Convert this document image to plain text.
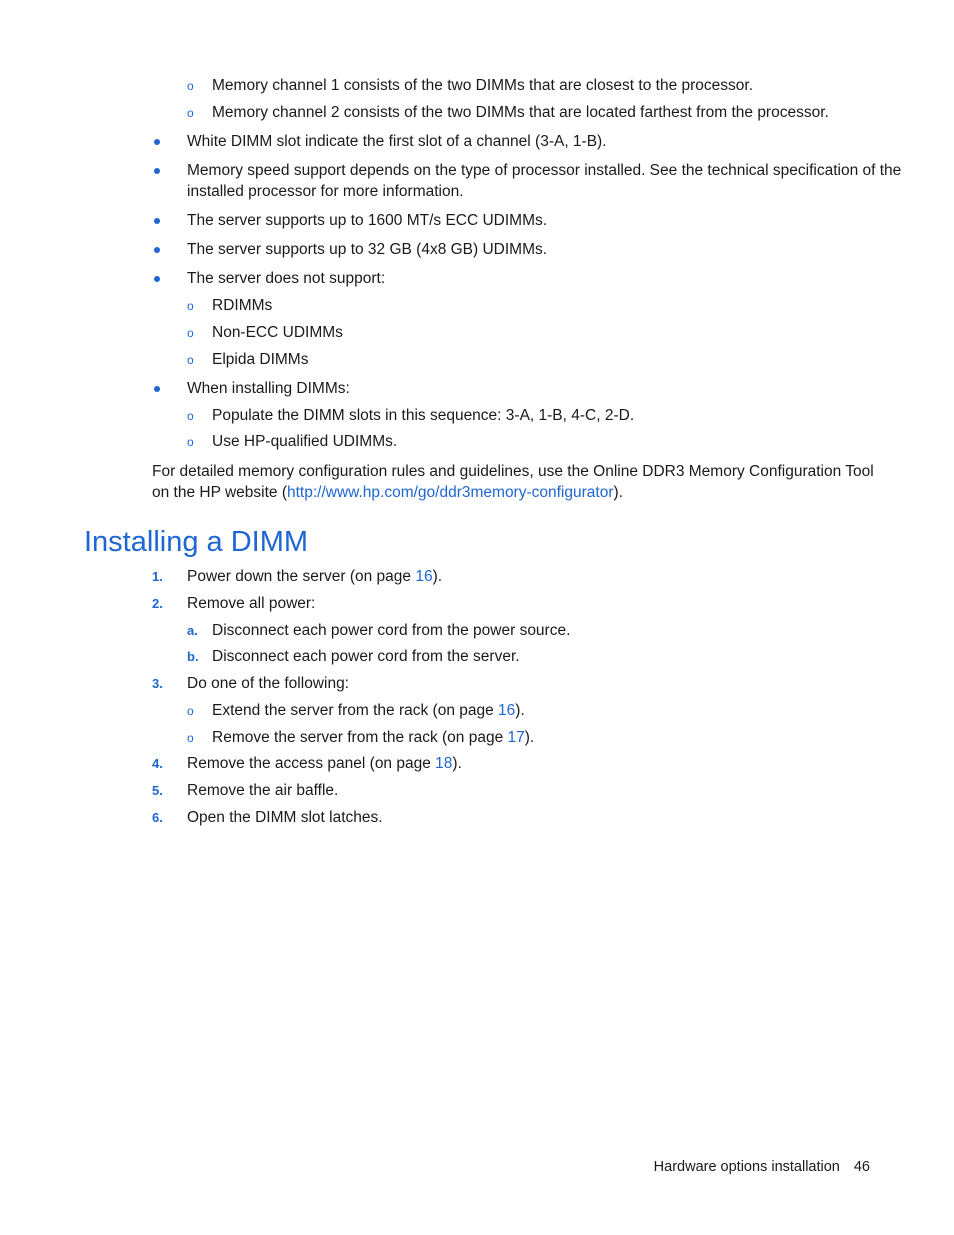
o Memory channel 1 consists of the two DIMMs that are closest to the processor.
o Memory channel 2 consists of the two DIMMs that are located farthest from the processor.
White DIMM slot indicate the first slot of a channel (3-A, 1-B).
Memory speed support depends on the type of processor installed. See the technical specification of the
installed processor for more information.
The server supports up to 1600 MT/s ECC UDIMMs.
The server supports up to 32 GB (4x8 GB) UDIMMs.
The server does not support:
o RDIMMs
o Non-ECC UDIMMs
o Elpida DIMMs
When installing DIMMs:
o Populate the DIMM slots in this sequence: 3-A, 1-B, 4-C, 2-D.
o Use HP-qualified UDIMMs.
For detailed memory configuration rules and guidelines, use the Online DDR3 Memory Configuration Tool
on the HP website (http://www.hp.com/go/ddr3memory-configurator).
Installing a DIMM
1. Power down the server (on page 16).
2. Remove all power:
a. Disconnect each power cord from the power source.
b. Disconnect each power cord from the server.
3. Do one of the following:
o Extend the server from the rack (on page 16).
o Remove the server from the rack (on page 17).
4. Remove the access panel (on page 18).
5. Remove the air baffle.
6. Open the DIMM slot latches.
Hardware options installation 46
